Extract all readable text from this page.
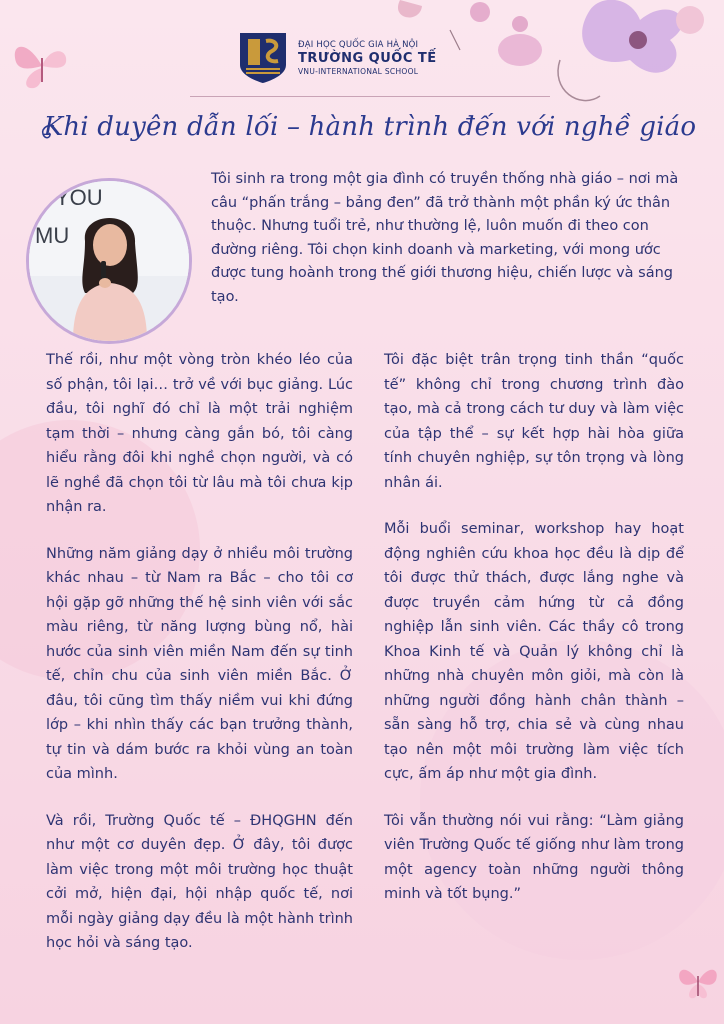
ĐẠI HỌC QUỐC GIA HÀ NỘI
TRƯỜNG QUỐC TẾ
VNU-INTERNATIONAL SCHOOL
Khi duyên dẫn lối – hành trình đến với nghề giáo
Y YOU
MU
Tôi sinh ra trong một gia đình có truyền thống nhà giáo – nơi mà câu “phấn trắng – bảng đen” đã trở thành một phần ký ức thân thuộc. Nhưng tuổi trẻ, như thường lệ, luôn muốn đi theo con đường riêng. Tôi chọn kinh doanh và marketing, với mong ước được tung hoành trong thế giới thương hiệu, chiến lược và sáng tạo.

Thế rồi, như một vòng tròn khéo léo của số phận, tôi lại… trở về với bục giảng. Lúc đầu, tôi nghĩ đó chỉ là một trải nghiệm tạm thời – nhưng càng gắn bó, tôi càng hiểu rằng đôi khi nghề chọn người, và có lẽ nghề đã chọn tôi từ lâu mà tôi chưa kịp nhận ra.

Những năm giảng dạy ở nhiều môi trường khác nhau – từ Nam ra Bắc – cho tôi cơ hội gặp gỡ những thế hệ sinh viên với sắc màu riêng, từ năng lượng bùng nổ, hài hước của sinh viên miền Nam đến sự tinh tế, chỉn chu của sinh viên miền Bắc. Ở đâu, tôi cũng tìm thấy niềm vui khi đứng lớp – khi nhìn thấy các bạn trưởng thành, tự tin và dám bước ra khỏi vùng an toàn của mình.

Và rồi, Trường Quốc tế – ĐHQGHN đến như một cơ duyên đẹp. Ở đây, tôi được làm việc trong một môi trường học thuật cởi mở, hiện đại, hội nhập quốc tế, nơi mỗi ngày giảng dạy đều là một hành trình học hỏi và sáng tạo.

Tôi đặc biệt trân trọng tinh thần “quốc tế” không chỉ trong chương trình đào tạo, mà cả trong cách tư duy và làm việc của tập thể – sự kết hợp hài hòa giữa tính chuyên nghiệp, sự tôn trọng và lòng nhân ái.

Mỗi buổi seminar, workshop hay hoạt động nghiên cứu khoa học đều là dịp để tôi được thử thách, được lắng nghe và được truyền cảm hứng từ cả đồng nghiệp lẫn sinh viên. Các thầy cô trong Khoa Kinh tế và Quản lý không chỉ là những nhà chuyên môn giỏi, mà còn là những người đồng hành chân thành – sẵn sàng hỗ trợ, chia sẻ và cùng nhau tạo nên một môi trường làm việc tích cực, ấm áp như một gia đình.

Tôi vẫn thường nói vui rằng: “Làm giảng viên Trường Quốc tế giống như làm trong một agency toàn những người thông minh và tốt bụng.”
